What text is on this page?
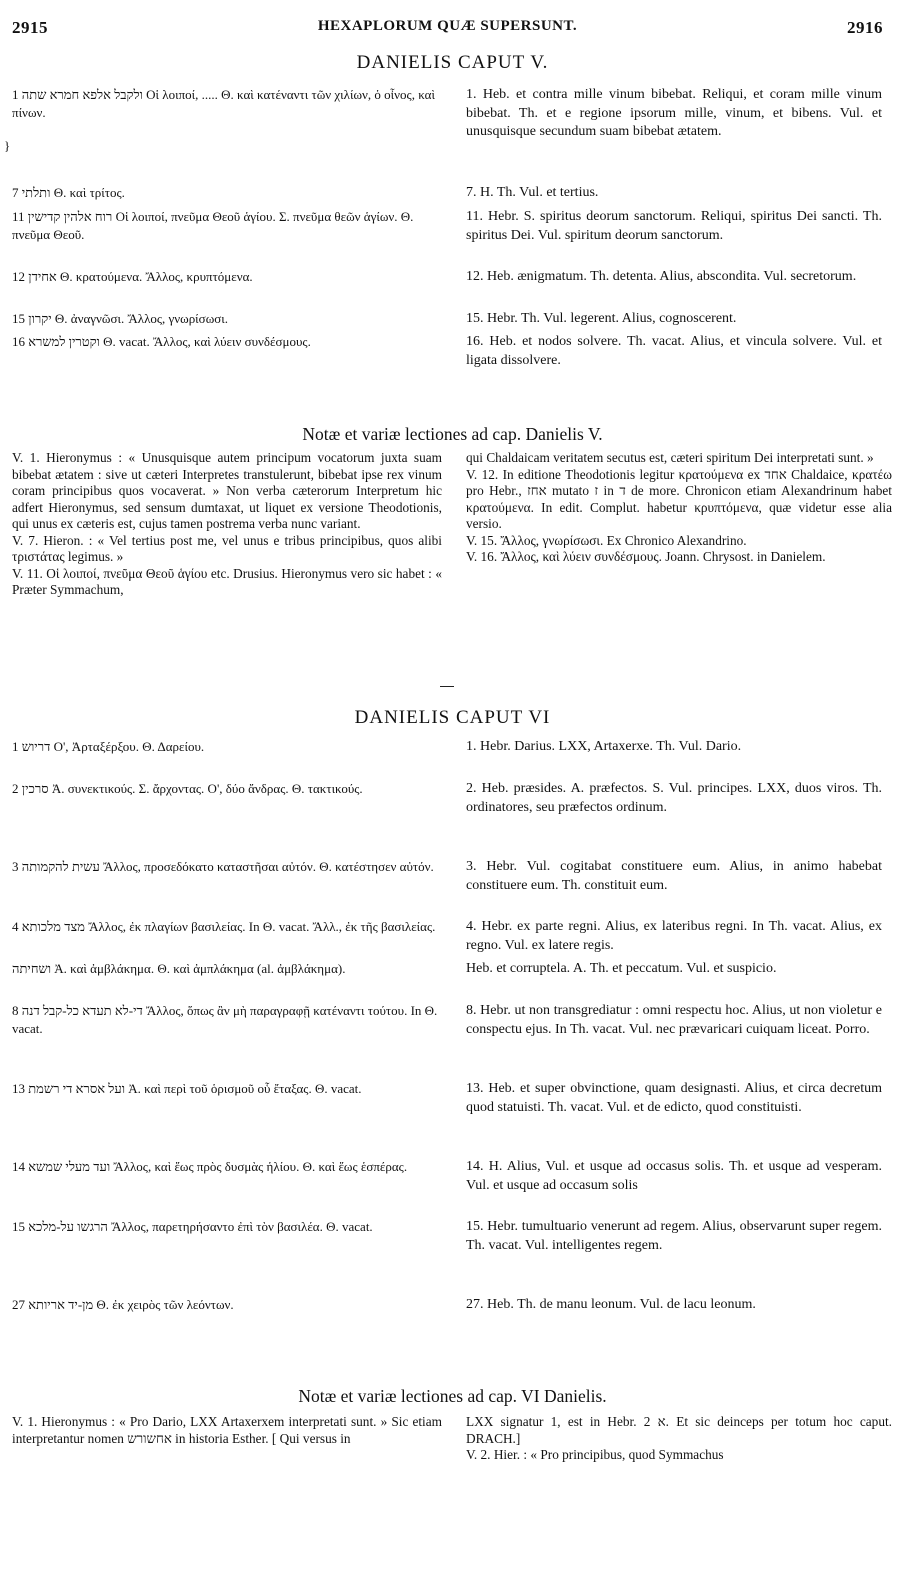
2915	HEXAPLORUM QUÆ SUPERSUNT.	2916
DANIELIS CAPUT V.
}
ולקבל אלפא חמרא שתה 1 Οἱ λοιποί, ..... Θ. καὶ κατέναντι τῶν χιλίων, ὁ οἶνος, καὶ πίνων.
1. Heb. et contra mille vinum bibebat. Reliqui, et coram mille vinum bibebat. Th. et e regione ipsorum mille, vinum, et bibens. Vul. et unusquisque secundum suam bibebat ætatem.
ותלתי 7 Θ. καὶ τρίτος.	7. H. Th. Vul. et tertius.
רוח אלהין קדישין 11 Οἱ λοιποί, πνεῦμα Θεοῦ ἁγίου. Σ. πνεῦμα θεῶν ἁγίων. Θ. πνεῦμα Θεοῦ.
11. Hebr. S. spiritus deorum sanctorum. Reliqui, spiritus Dei sancti. Th. spiritus Dei. Vul. spiritum deorum sanctorum.
אחידן 12 Θ. κρατούμενα. Ἄλλος, κρυπτόμενα.	12. Heb. ænigmatum. Th. detenta. Alius, abscondita. Vul. secretorum.
יקרון 15 Θ. ἀναγνῶσι. Ἄλλος, γνωρίσωσι.	15. Hebr. Th. Vul. legerent. Alius, cognoscerent.
וקטרין למשרא 16 Θ. vacat. Ἄλλος, καὶ λύειν συνδέσμους.	16. Heb. et nodos solvere. Th. vacat. Alius, et vincula solvere. Vul. et ligata dissolvere.
Notæ et variæ lectiones ad cap. Danielis V.

V. 1. Hieronymus : « Unusquisque autem principum vocatorum juxta suam bibebat ætatem : sive ut cæteri Interpretes transtulerunt, bibebat ipse rex vinum coram principibus quos vocaverat. » Non verba cæterorum Interpretum hic adfert Hieronymus, sed sensum dumtaxat, ut liquet ex versione Theodotionis, qui unus ex cæteris est, cujus tamen postrema verba nunc variant.

V. 7. Hieron. : « Vel tertius post me, vel unus e tribus principibus, quos alibi τριστάτας legimus. »

V. 11. Οἱ λοιποί, πνεῦμα Θεοῦ ἁγίου etc. Drusius. Hieronymus vero sic habet : « Præter Symmachum,

qui Chaldaicam veritatem secutus est, cæteri spiritum Dei interpretati sunt. »

V. 12. In editione Theodotionis legitur κρατούμενα ex אחד Chaldaice, κρατέω pro Hebr., אחז mutato ז in ד de more. Chronicon etiam Alexandrinum habet κρατούμενα. In edit. Complut. habetur κρυπτόμενα, quæ videtur esse alia versio.

V. 15. Ἄλλος, γνωρίσωσι. Ex Chronico Alexandrino.

V. 16. Ἄλλος, καὶ λύειν συνδέσμους. Joann. Chrysost. in Danielem.

DANIELIS CAPUT VI
דריוש 1 Ο', Ἀρταξέρξου. Θ. Δαρείου.	1. Hebr. Darius. LXX, Artaxerxe. Th. Vul. Dario.
סרכין 2 Ἀ. συνεκτικούς. Σ. ἄρχοντας. Ο', δύο ἄνδρας. Θ. τακτικούς.	2. Heb. præsides. A. præfectos. S. Vul. principes. LXX, duos viros. Th. ordinatores, seu præfectos ordinum.
עשית להקמותה 3 Ἄλλος, προσεδόκατο καταστῆσαι αὐτόν. Θ. κατέστησεν αὐτόν.	3. Hebr. Vul. cogitabat constituere eum. Alius, in animo habebat constituere eum. Th. constituit eum.
מצד מלכותא 4 Ἄλλος, ἐκ πλαγίων βασιλείας. In Θ. vacat. Ἄλλ., ἐκ τῆς βασιλείας.	4. Hebr. ex parte regni. Alius, ex lateribus regni. In Th. vacat. Alius, ex regno. Vul. ex latere regis.
ושחיתה Ἀ. καὶ ἀμβλάκημα. Θ. καὶ ἀμπλάκημα (al. ἀμβλάκημα).	Heb. et corruptela. A. Th. et peccatum. Vul. et suspicio.
די-לא תעדא כל-קבל דנה 8 Ἄλλος, ὅπως ἂν μὴ παραγραφῇ κατέναντι τούτου. In Θ. vacat.
8. Hebr. ut non transgrediatur : omni respectu hoc. Alius, ut non violetur e conspectu ejus. In Th. vacat. Vul. nec prævaricari cuiquam liceat. Porro.
ועל אסרא די רשמת 13 Ἀ. καὶ περὶ τοῦ ὁρισμοῦ οὗ ἔταξας. Θ. vacat.	13. Heb. et super obvinctione, quam designasti. Alius, et circa decretum quod statuisti. Th. vacat. Vul. et de edicto, quod constituisti.
ועד מעלי שמשא 14 Ἄλλος, καὶ ἕως πρὸς δυσμὰς ἡλίου. Θ. καὶ ἕως ἑσπέρας.	14. H. Alius, Vul. et usque ad occasus solis. Th. et usque ad vesperam. Vul. et usque ad occasum solis
הרגשו על-מלכא 15 Ἄλλος, παρετηρήσαντο ἐπὶ τὸν βασιλέα. Θ. vacat.	15. Hebr. tumultuario venerunt ad regem. Alius, observarunt super regem. Th. vacat. Vul. intelligentes regem.
מן-יד אריותא 27 Θ. ἐκ χειρὸς τῶν λεόντων.	27. Heb. Th. de manu leonum. Vul. de lacu leonum.
Notæ et variæ lectiones ad cap. VI Danielis.

V. 1. Hieronymus : « Pro Dario, LXX Artaxerxem interpretati sunt. » Sic etiam interpretantur nomen אחשורש in historia Esther. [ Qui versus in

LXX signatur 1, est in Hebr. ﬡ 2. Et sic deinceps per totum hoc caput. DRACH.]

V. 2. Hier. : « Pro principibus, quod Symmachus
